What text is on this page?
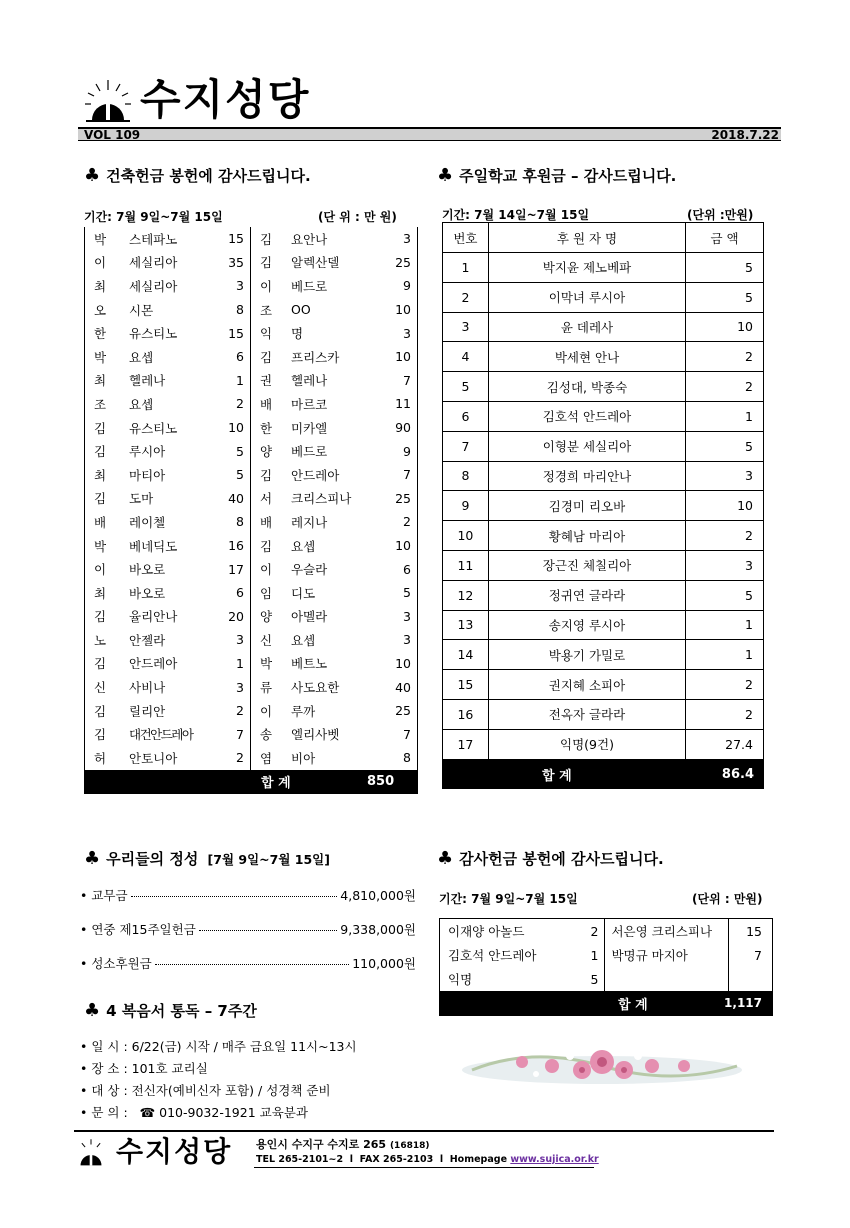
수지성당
VOL 109	2018.7.22
♣ 건축헌금 봉헌에 감사드립니다.
기간: 7월 9일~7월 15일	(단 위 : 만 원)
박	스테파노	15	김	요안나	3
이	세실리아	35	김	알렉산델	25
최	세실리아	3	이	베드로	9
오	시몬	8	조	OO	10
한	유스티노	15	익	명	3
박	요셉	6	김	프리스카	10
최	헬레나	1	권	헬레나	7
조	요셉	2	배	마르코	11
김	유스티노	10	한	미카엘	90
김	루시아	5	양	베드로	9
최	마티아	5	김	안드레아	7
김	도마	40	서	크리스피나	25
배	레이첼	8	배	레지나	2
박	베네딕도	16	김	요셉	10
이	바오로	17	이	우슬라	6
최	바오로	6	임	디도	5
김	율리안나	20	양	아멜라	3
노	안젤라	3	신	요셉	3
김	안드레아	1	박	베트노	10
신	사비나	3	류	사도요한	40
김	릴리안	2	이	루까	25
김	대건안드레아	7	송	엘리사벳	7
허	안토니아	2	염	비아	8
합 계	850
♣ 주일학교 후원금 – 감사드립니다.
기간: 7월 14일~7월 15일	(단위 :만원)
번호	후 원 자 명	금 액
1	박지윤 제노베파	5
2	이막녀 루시아	5
3	윤 데레사	10
4	박세현 안나	2
5	김성대, 박종숙	2
6	김호석 안드레아	1
7	이형분 세실리아	5
8	정경희 마리안나	3
9	김경미 리오바	10
10	황혜남 마리아	2
11	장근진 체칠리아	3
12	정귀연 글라라	5
13	송지영 루시아	1
14	박용기 가밀로	1
15	권지혜 소피아	2
16	전옥자 글라라	2
17	익명(9건)	27.4
합 계	86.4
♣ 우리들의 정성 [7월 9일~7월 15일]
• 교무금	4,810,000원
• 연중 제15주일헌금	9,338,000원
• 성소후원금	110,000원
♣ 4 복음서 통독 – 7주간
• 일 시 : 6/22(금) 시작 / 매주 금요일 11시~13시
• 장 소 : 101호 교리실
• 대 상 : 전신자(예비신자 포함) / 성경책 준비
• 문 의 : ☎ 010-9032-1921 교육분과
♣ 감사헌금 봉헌에 감사드립니다.
기간: 7월 9일~7월 15일	(단위 : 만원)
이재양 아놀드	2	서은영 크리스피나	15
김호석 안드레아	1	박명규 마지아	7
익명	5		
합 계	1,117
수지성당 용인시 수지구 수지로 265 (16818)
TEL 265-2101~2  l  FAX 265-2103  l  Homepage www.sujica.or.kr
